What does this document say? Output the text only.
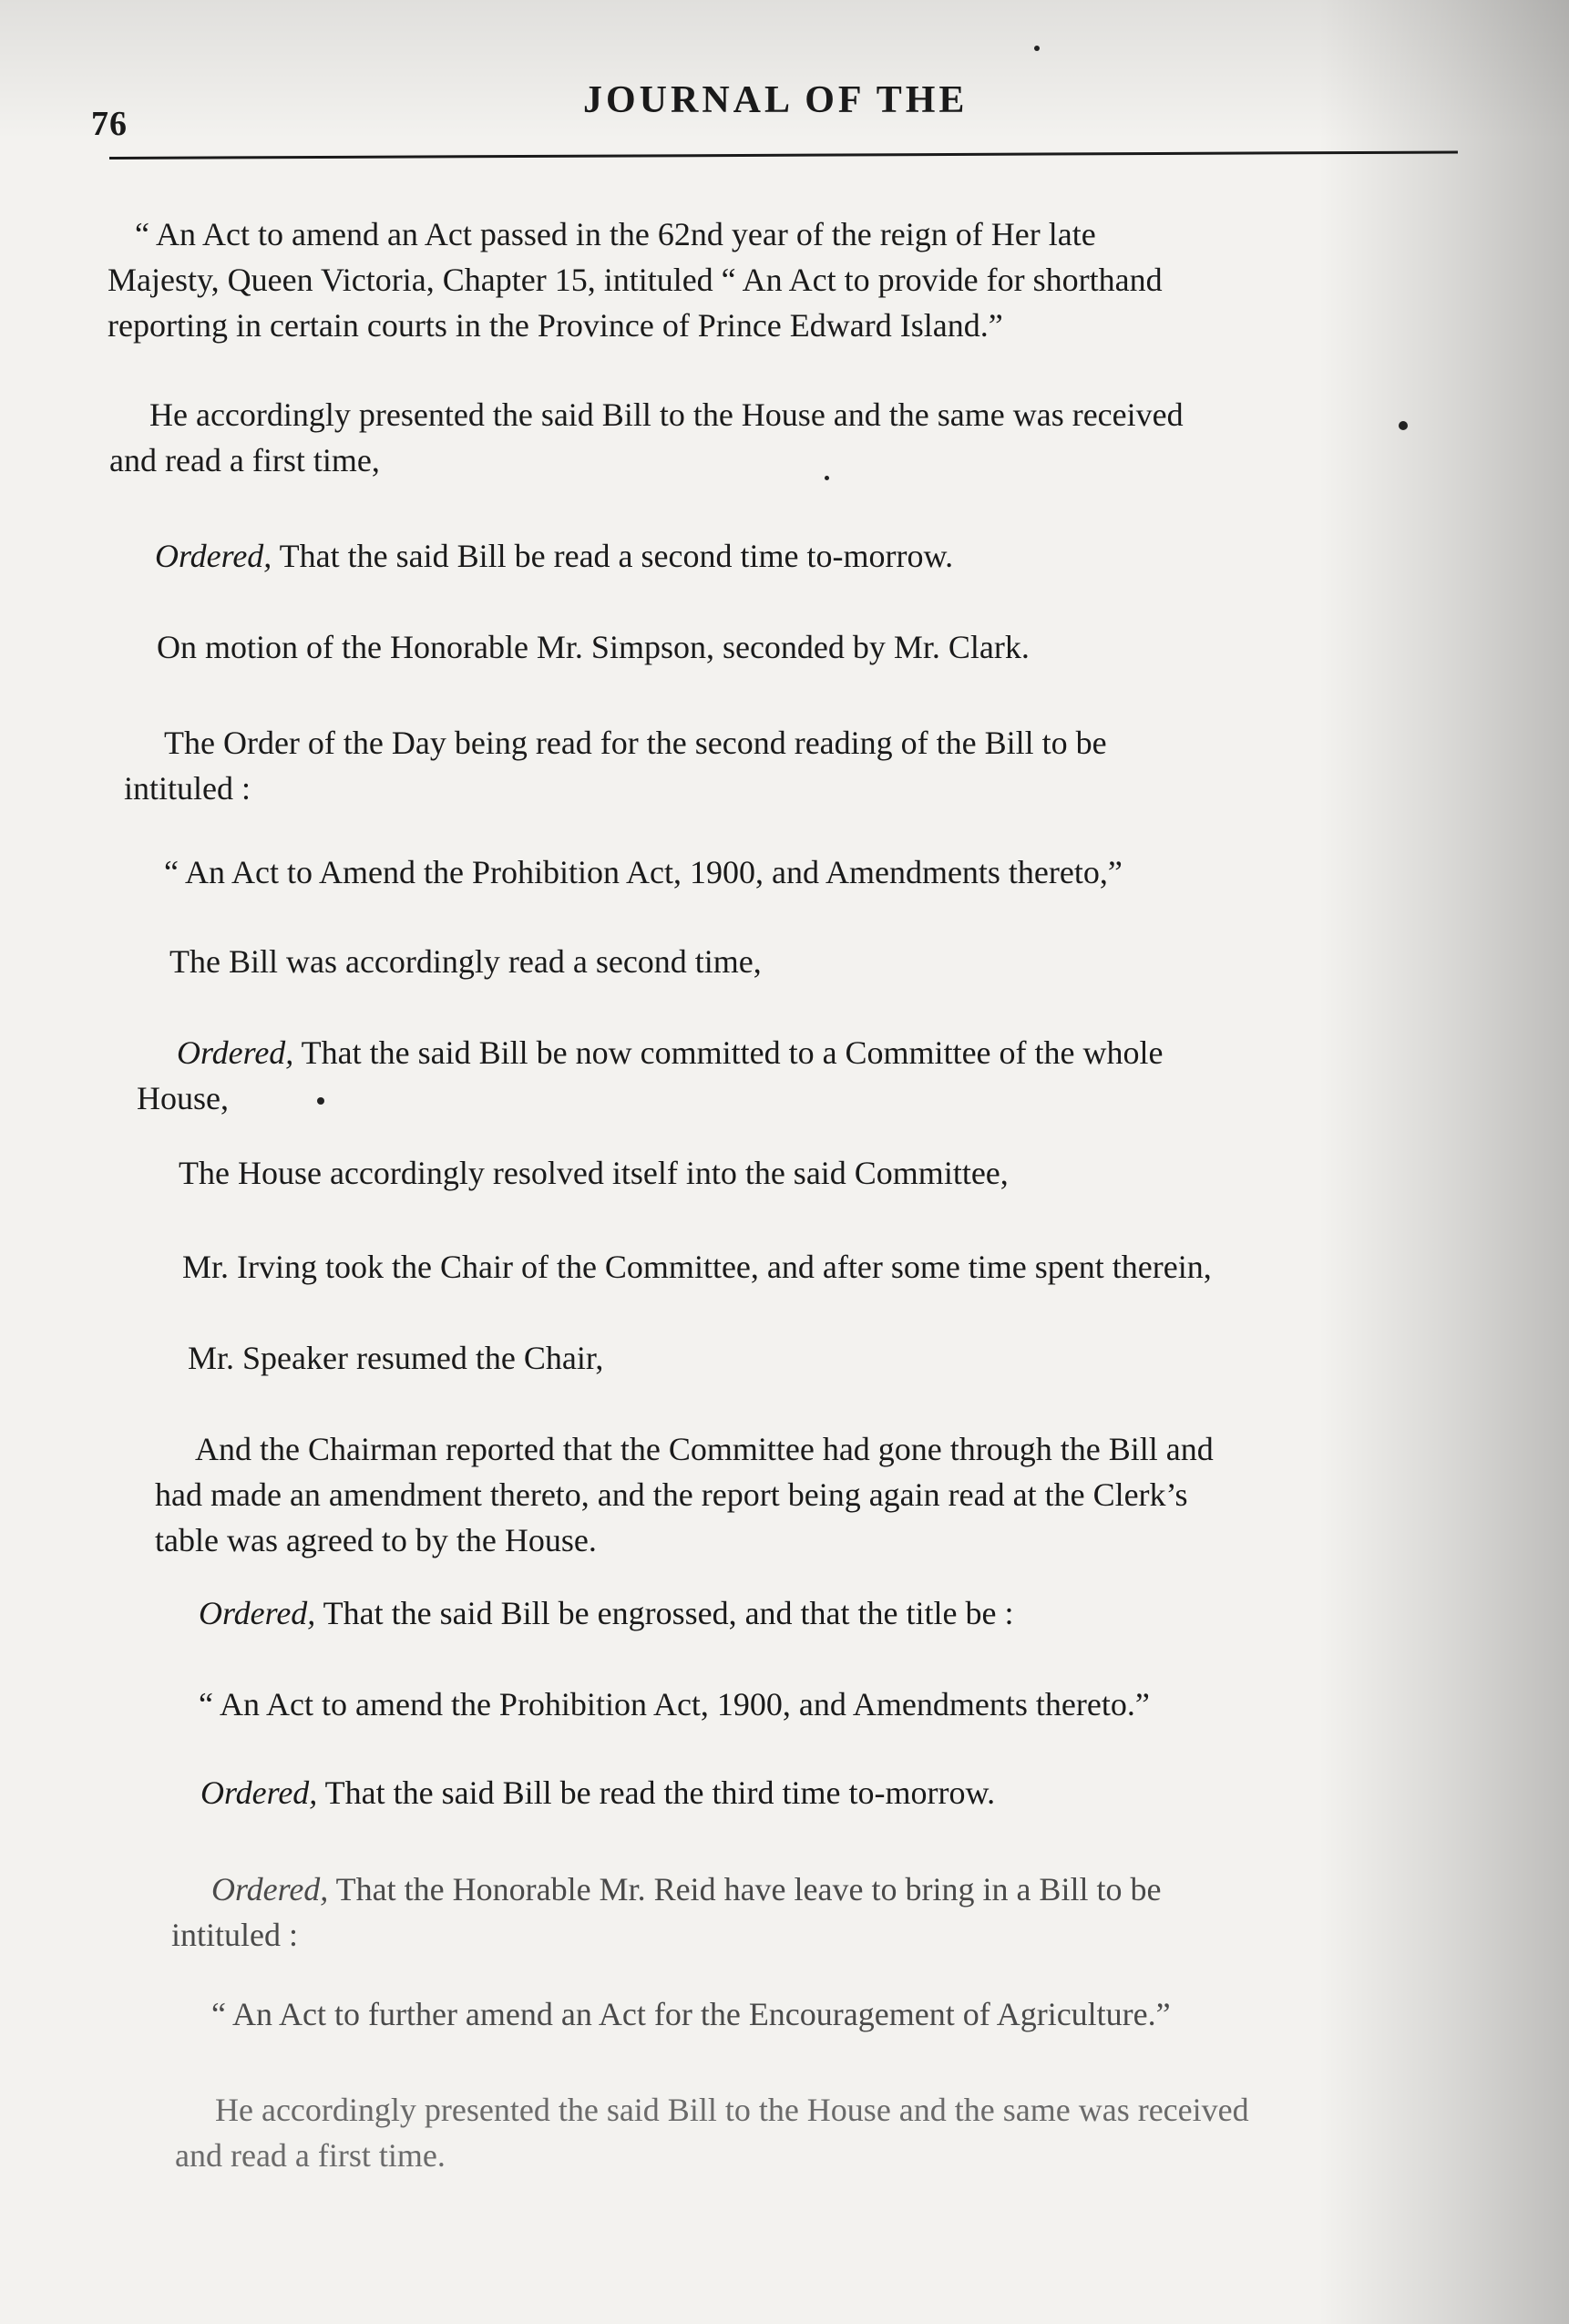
76
JOURNAL OF THE
“ An Act to amend an Act passed in the 62nd year of the reign of Her late
Majesty, Queen Victoria, Chapter 15, intituled “ An Act to provide for shorthand
reporting in certain courts in the Province of Prince Edward Island.”
He accordingly presented the said Bill to the House and the same was received
and read a first time,
Ordered, That the said Bill be read a second time to-morrow.
On motion of the Honorable Mr. Simpson, seconded by Mr. Clark.
The Order of the Day being read for the second reading of the Bill to be
intituled :
“ An Act to Amend the Prohibition Act, 1900, and Amendments thereto,”
The Bill was accordingly read a second time,
Ordered, That the said Bill be now committed to a Committee of the whole
House,
The House accordingly resolved itself into the said Committee,
Mr. Irving took the Chair of the Committee, and after some time spent therein,
Mr. Speaker resumed the Chair,
And the Chairman reported that the Committee had gone through the Bill and
had made an amendment thereto, and the report being again read at the Clerk’s
table was agreed to by the House.
Ordered, That the said Bill be engrossed, and that the title be :
“ An Act to amend the Prohibition Act, 1900, and Amendments thereto.”
Ordered, That the said Bill be read the third time to-morrow.
Ordered, That the Honorable Mr. Reid have leave to bring in a Bill to be
intituled :
“ An Act to further amend an Act for the Encouragement of Agriculture.”
He accordingly presented the said Bill to the House and the same was received
and read a first time.
